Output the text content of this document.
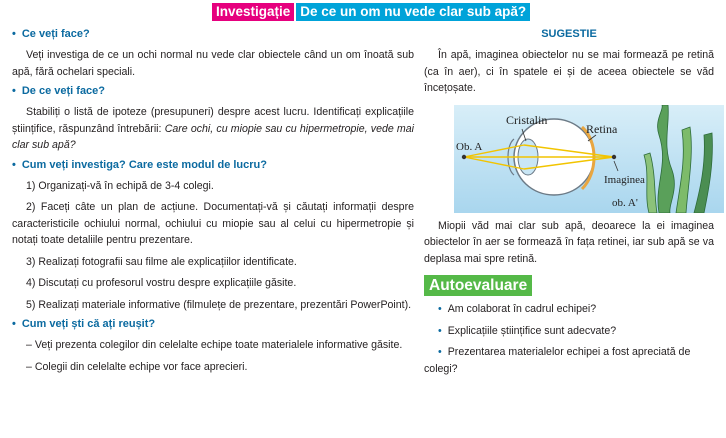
Investigație De ce un om nu vede clar sub apă?
• Ce veți face?

Veți investiga de ce un ochi normal nu vede clar obiectele când un om înoată sub apă, fără ochelari speciali.

• De ce veți face?

Stabiliți o listă de ipoteze (presupuneri) despre acest lucru. Identificați explicațiile științifice, răspunzând întrebării: Care ochi, cu miopie sau cu hipermetropie, vede mai clar sub apă?

• Cum veți investiga? Care este modul de lucru?

1) Organizați-vă în echipă de 3-4 colegi.

2) Faceți câte un plan de acțiune. Documentați-vă și căutați informații despre caracteristicile ochiului normal, ochiului cu miopie sau al celui cu hipermetropie și notați toate detaliile pentru prezentare.

3) Realizați fotografii sau filme ale explicațiilor identificate.

4) Discutați cu profesorul vostru despre explicațiile găsite.

5) Realizați materiale informative (filmulețe de prezentare, prezentări PowerPoint).

• Cum veți ști că ați reușit?

– Veți prezenta colegilor din celelalte echipe toate materialele informative găsite.

– Colegii din celelalte echipe vor face aprecieri.

SUGESTIE

În apă, imaginea obiectelor nu se mai formează pe retină (ca în aer), ci în spatele ei și de aceea obiectele se văd încețoșate.

Cristalin
Retina
Ob. A
Imaginea
ob. A'

Miopii văd mai clar sub apă, deoarece la ei imaginea obiectelor în aer se formează în fața retinei, iar sub apă se va deplasa mai spre retină.

Autoevaluare
• Am colaborat în cadrul echipei?
• Explicațiile științifice sunt adecvate?
• Prezentarea materialelor echipei a fost apreciată de colegi?
